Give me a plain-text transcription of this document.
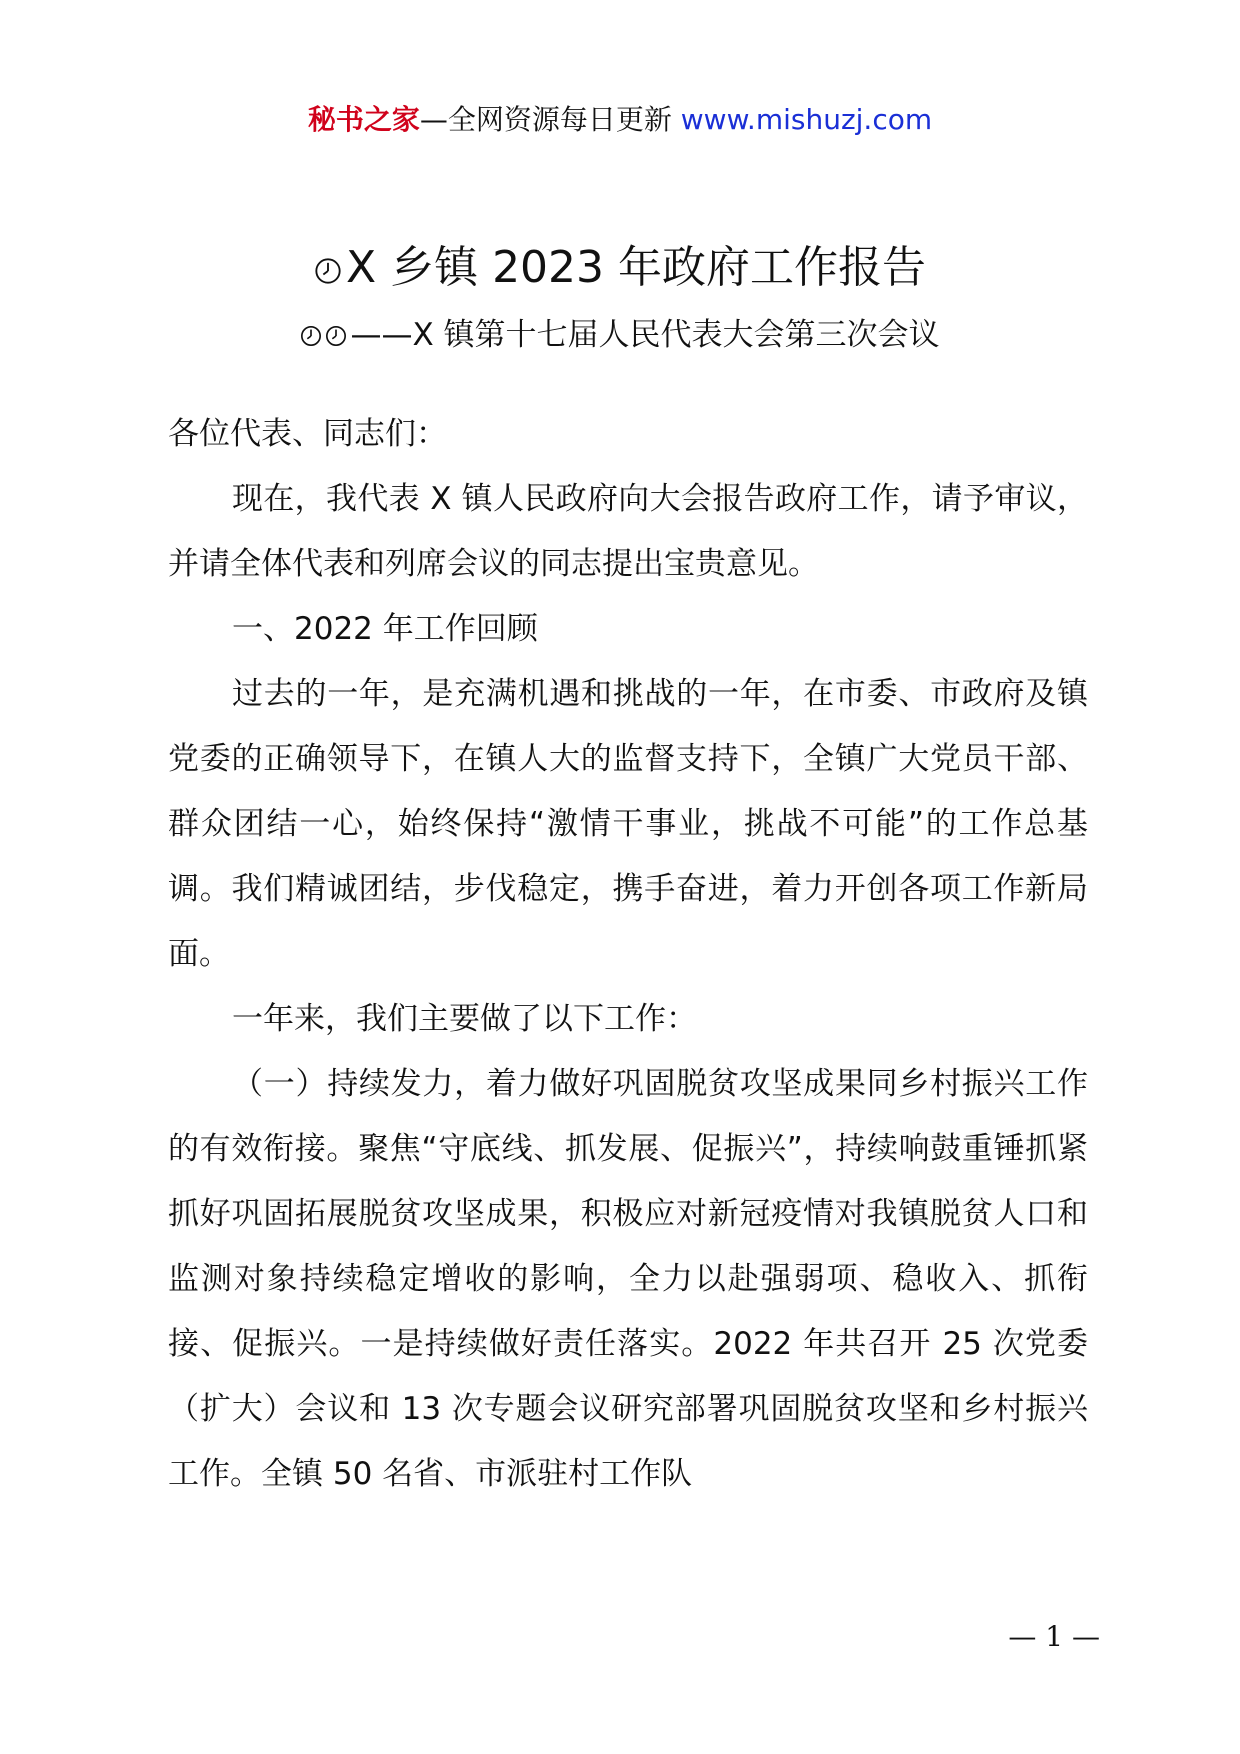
秘书之家—全网资源每日更新 www.mishuzj.com
X 乡镇 2023 年政府工作报告
——X 镇第十七届人民代表大会第三次会议

各位代表、同志们：

现在，我代表 X 镇人民政府向大会报告政府工作，请予审议，并请全体代表和列席会议的同志提出宝贵意见。

一、2022 年工作回顾

过去的一年，是充满机遇和挑战的一年，在市委、市政府及镇党委的正确领导下，在镇人大的监督支持下，全镇广大党员干部、群众团结一心，始终保持“激情干事业，挑战不可能”的工作总基调。我们精诚团结，步伐稳定，携手奋进，着力开创各项工作新局面。

一年来，我们主要做了以下工作：

（一）持续发力，着力做好巩固脱贫攻坚成果同乡村振兴工作的有效衔接。聚焦“守底线、抓发展、促振兴”，持续响鼓重锤抓紧抓好巩固拓展脱贫攻坚成果，积极应对新冠疫情对我镇脱贫人口和监测对象持续稳定增收的影响，全力以赴强弱项、稳收入、抓衔接、促振兴。一是持续做好责任落实。2022 年共召开 25 次党委（扩大）会议和 13 次专题会议研究部署巩固脱贫攻坚和乡村振兴工作。全镇 50 名省、市派驻村工作队

— 1 —
